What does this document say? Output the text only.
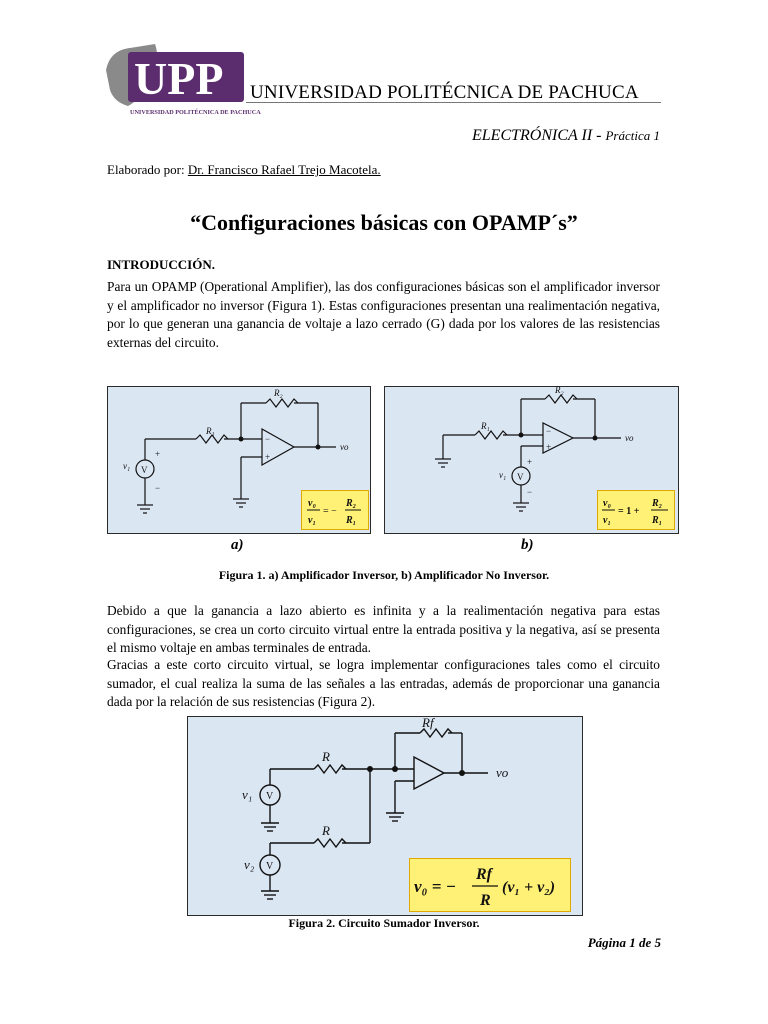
UPP
UNIVERSIDAD POLITÉCNICA DE PACHUCA
UNIVERSIDAD POLITÉCNICA DE PACHUCA
ELECTRÓNICA II - Práctica 1
Elaborado por: Dr. Francisco Rafael Trejo Macotela.
“Configuraciones básicas con OPAMP´s”
INTRODUCCIÓN.
Para un OPAMP (Operational Amplifier), las dos configuraciones básicas son el amplificador inversor y el amplificador no inversor (Figura 1). Estas configuraciones presentan una realimentación negativa, por lo que generan una ganancia de voltaje a lazo cerrado (G) dada por los valores de las resistencias externas del circuito.
R₁
R₂
vo
v₁ V
+
−
−
+
v₀
v₁
= −
R₂
R₁
R₁
R₂
vo
v₁ V
+
−
−
+
v₀
v₁
= 1 +
R₂
R₁
a)	b)
Figura 1. a) Amplificador Inversor, b) Amplificador No Inversor.
Debido a que la ganancia a lazo abierto es infinita y a la realimentación negativa para estas configuraciones, se crea un corto circuito virtual entre la entrada positiva y la negativa, así se presenta el mismo voltaje en ambas terminales de entrada.
Gracias a este corto circuito virtual, se logra implementar configuraciones tales como el circuito sumador, el cual realiza la suma de las señales a las entradas, además de proporcionar una ganancia dada por la relación de sus resistencias (Figura 2).
Rf
R
R
vo
v₁
v₂
V
V
v₀ = −
Rf
R
(v₁ + v₂)
Figura 2. Circuito Sumador Inversor.
Página 1 de 5
